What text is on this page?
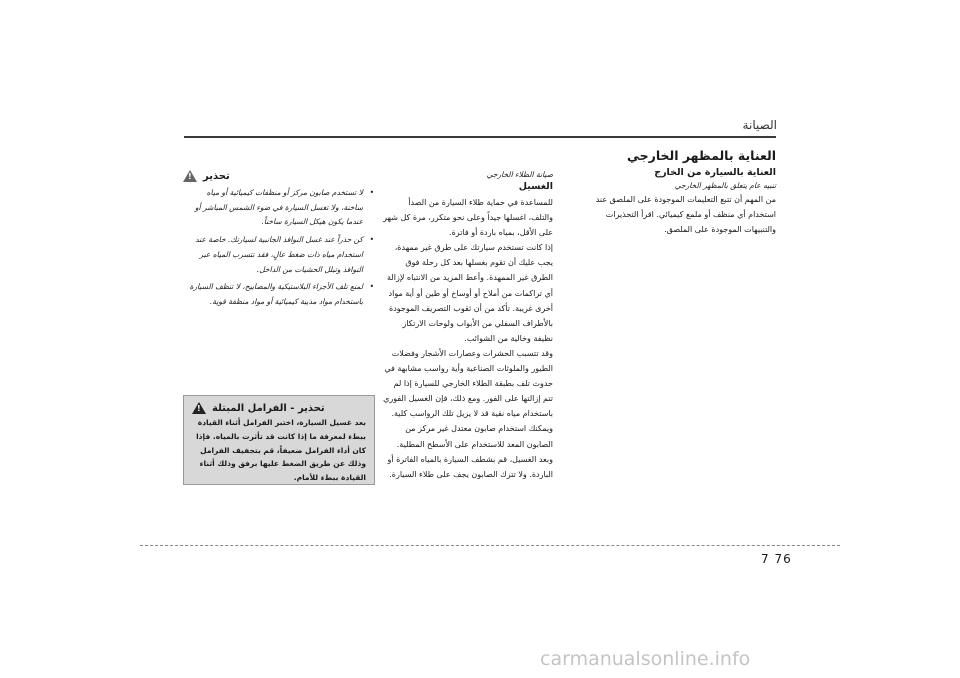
الصيانة
العناية بالمظهر الخارجي
العناية بالسيارة من الخارج
تنبيه عام يتعلق بالمظهر الخارجي

من المهم أن تتبع التعليمات الموجودة على الملصق عند استخدام أي منظف أو ملمع كيميائي. اقرأ التحذيرات والتنبيهات الموجودة على الملصق.

صيانة الطلاء الخارجي
الغسيل

للمساعدة في حماية طلاء السيارة من الصدأ والتلف، اغسلها جيداً وعلى نحو متكرر، مرة كل شهر على الأقل، بمياه باردة أو فاترة.

إذا كانت تستخدم سيارتك على طرق غير ممهدة، يجب عليك أن تقوم بغسلها بعد كل رحلة فوق الطرق غير الممهدة. وأعط المزيد من الانتباه لإزالة أي تراكمات من أملاح أو أوساخ أو طين أو أية مواد أخرى غريبة. تأكد من أن ثقوب التصريف الموجودة بالأطراف السفلي من الأبواب ولوحات الارتكاز نظيفة وخالية من الشوائب.

وقد تتسبب الحشرات وعصارات الأشجار وفضلات الطيور والملوثات الصناعية وأية رواسب مشابهة في حدوث تلف بطبقة الطلاء الخارجي للسيارة إذا لم تتم إزالتها على الفور. ومع ذلك، فإن الغسيل الفوري باستخدام مياه نقية قد لا يزيل تلك الرواسب كلية.

ويمكنك استخدام صابون معتدل غير مركز من الصابون المعد للاستخدام على الأسطح المطلية. وبعد الغسيل، قم بشطف السيارة بالمياه الفاترة أو الباردة. ولا تترك الصابون يجف على طلاء السيارة.

تحذير
!
• لا تستخدم صابون مركز أو منظفات كيميائية أو مياه ساخنة، ولا تغسل السيارة في ضوء الشمس المباشر أو عندما يكون هيكل السيارة ساخناً.
• كن حذراً عند غسل النوافذ الجانبية لسيارتك. خاصة عند استخدام مياه ذات ضغط عالٍ، فقد تتسرب المياه عبر النوافذ وتبلل الحشيات من الداخل.
• لمنع تلف الأجزاء البلاستيكية والمصابيح، لا تنظف السيارة باستخدام مواد مذيبة كيميائية أو مواد منظفة قوية.
تحذير - الفرامل المبتلة
!

بعد غسيل السيارة، اختبر الفرامل أثناء القيادة ببطء لمعرفة ما إذا كانت قد تأثرت بالمياه. فإذا كان أداء الفرامل ضعيفاً، قم بتجفيف الفرامل وذلك عن طريق الضغط عليها برفق وذلك أثناء القيادة ببطء للأمام.

7 76
carmanualsonline.info
